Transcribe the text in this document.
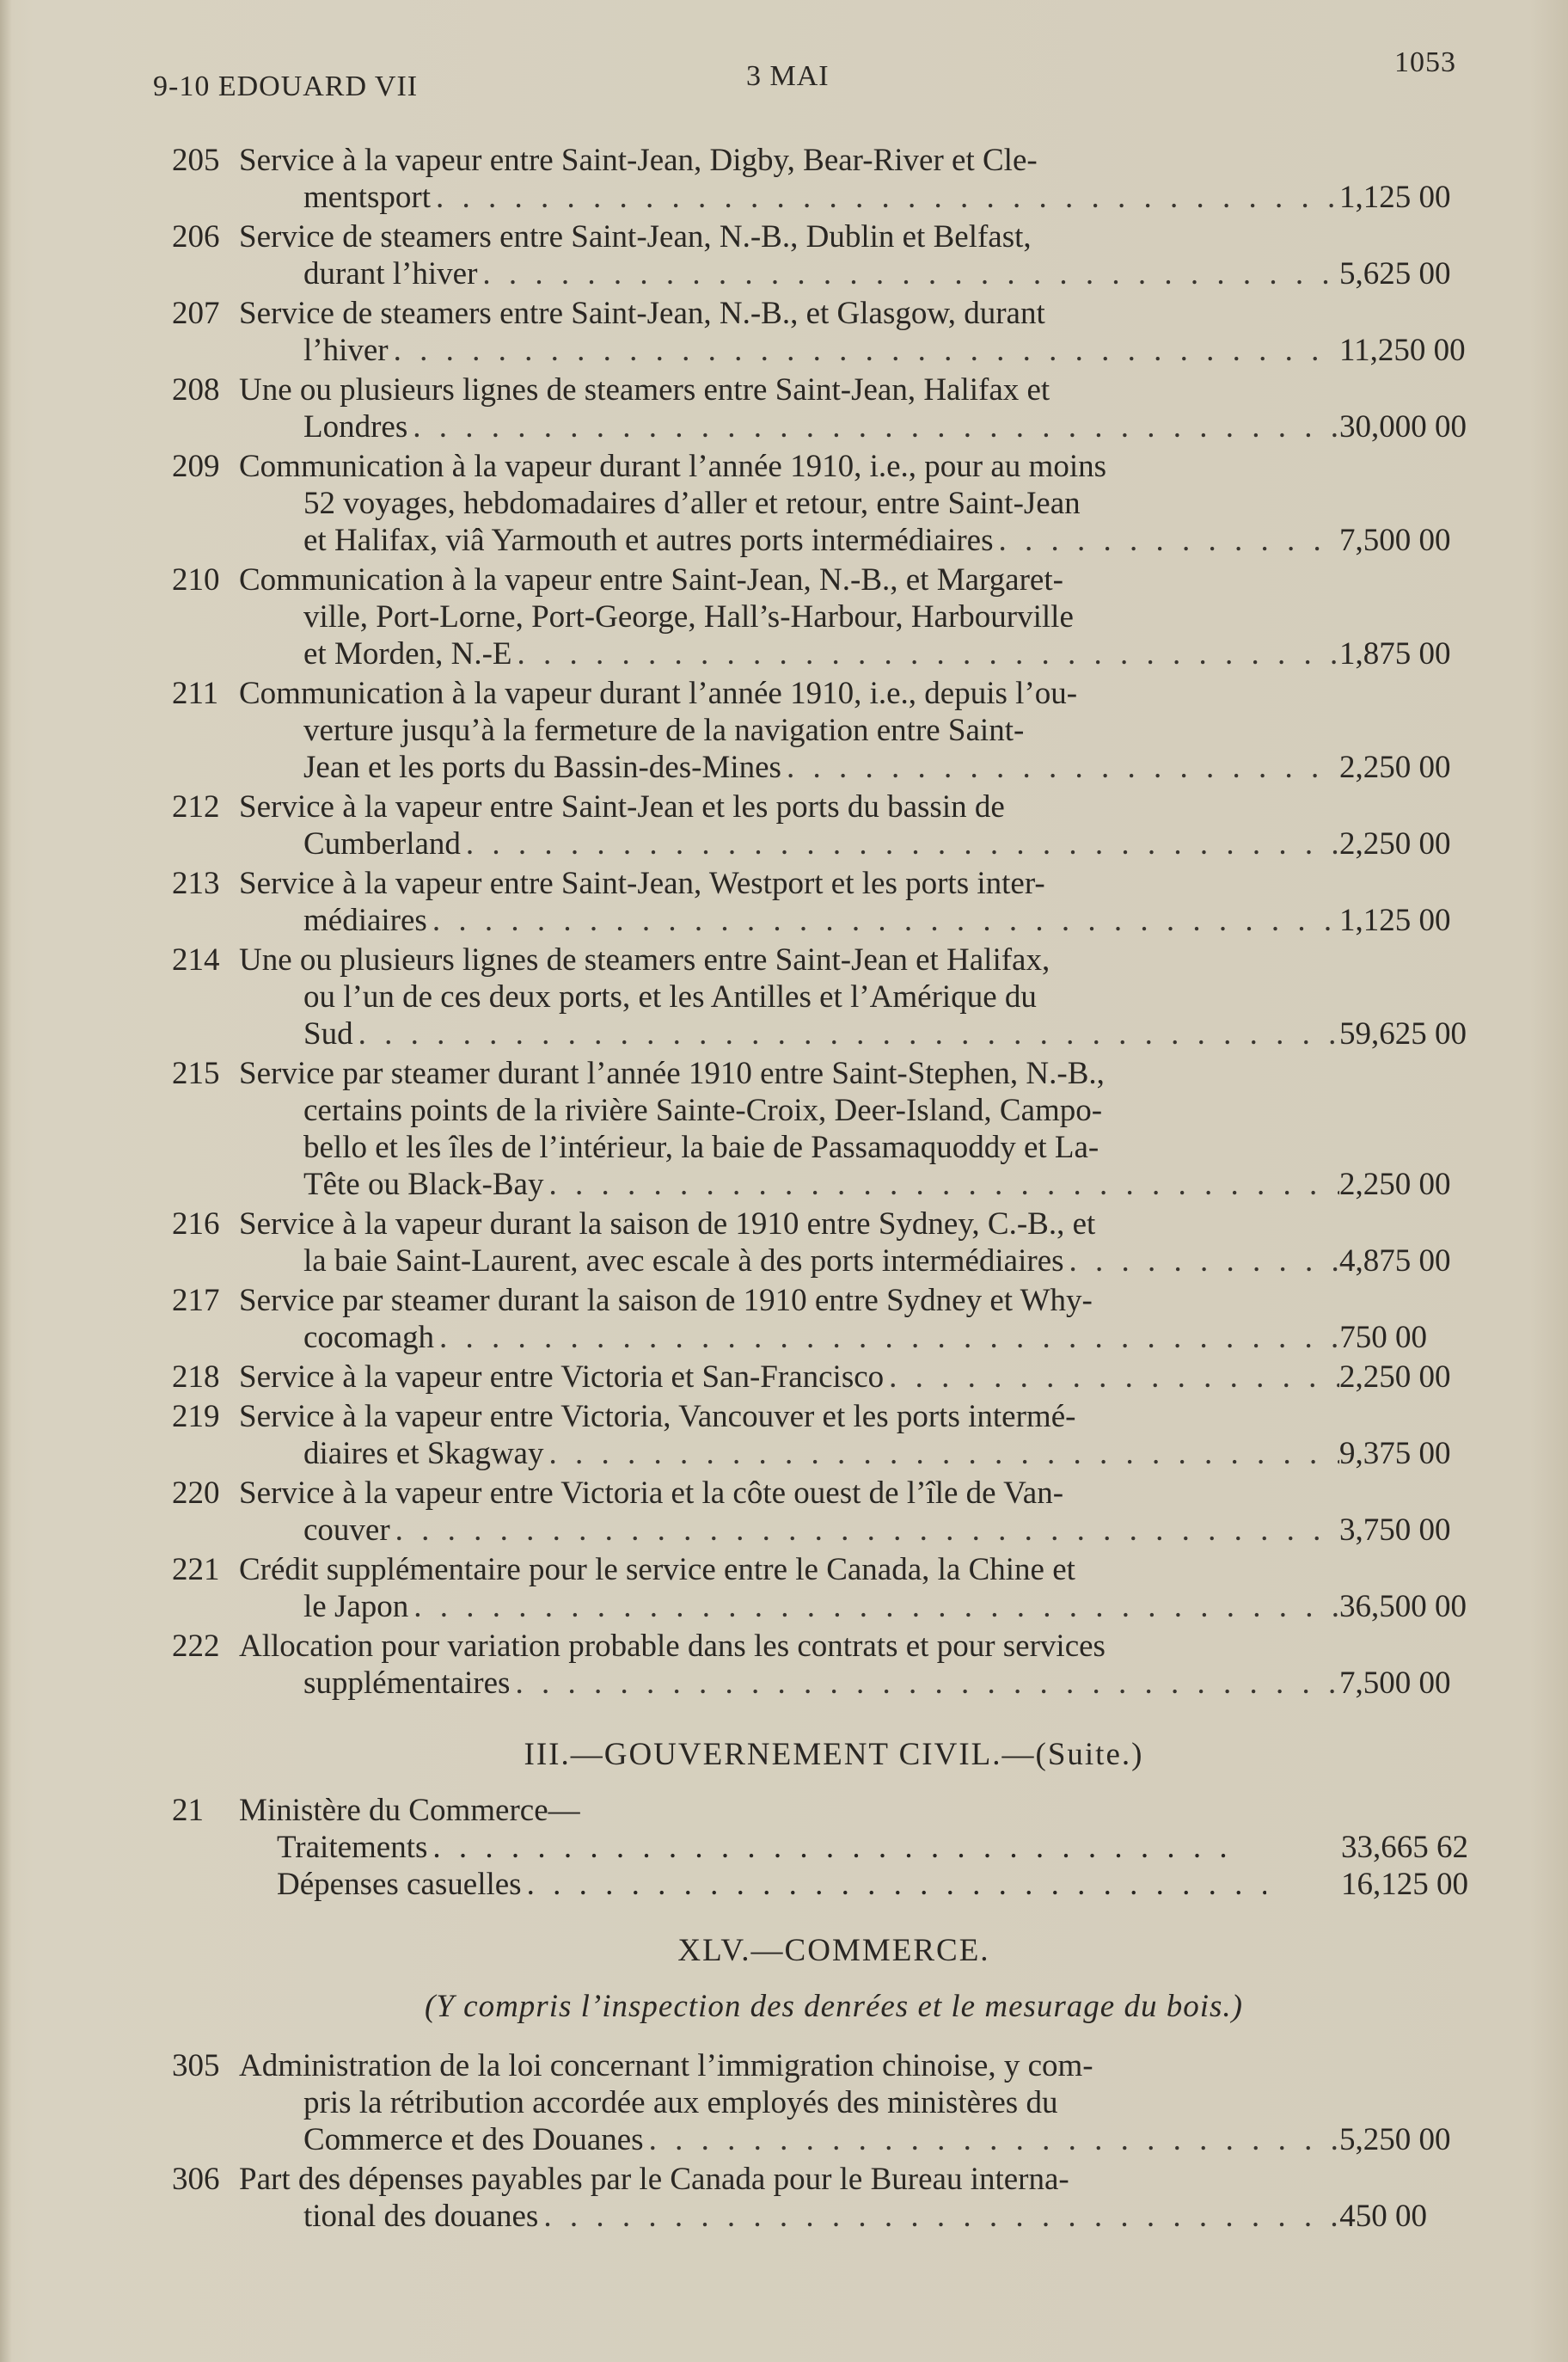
9-10 EDOUARD VII	3 MAI	1053
205 Service à la vapeur entre Saint-Jean, Digby, Bear-River et Cle-
mentsport . . .	1,125 00
206 Service de steamers entre Saint-Jean, N.-B., Dublin et Belfast,
durant l’hiver . . .	5,625 00
207 Service de steamers entre Saint-Jean, N.-B., et Glasgow, durant
l’hiver . . .	11,250 00
208 Une ou plusieurs lignes de steamers entre Saint-Jean, Halifax et
Londres . . .	30,000 00
209 Communication à la vapeur durant l’année 1910, i.e., pour au moins
52 voyages, hebdomadaires d’aller et retour, entre Saint-Jean
et Halifax, viâ Yarmouth et autres ports intermédiaires . . .	7,500 00
210 Communication à la vapeur entre Saint-Jean, N.-B., et Margaret-
ville, Port-Lorne, Port-George, Hall’s-Harbour, Harbourville
et Morden, N.-E . . .	1,875 00
211 Communication à la vapeur durant l’année 1910, i.e., depuis l’ou-
verture jusqu’à la fermeture de la navigation entre Saint-
Jean et les ports du Bassin-des-Mines . . .	2,250 00
212 Service à la vapeur entre Saint-Jean et les ports du bassin de
Cumberland . . .	2,250 00
213 Service à la vapeur entre Saint-Jean, Westport et les ports inter-
médiaires . . .	1,125 00
214 Une ou plusieurs lignes de steamers entre Saint-Jean et Halifax,
ou l’un de ces deux ports, et les Antilles et l’Amérique du
Sud . . .	59,625 00
215 Service par steamer durant l’année 1910 entre Saint-Stephen, N.-B.,
certains points de la rivière Sainte-Croix, Deer-Island, Campo-
bello et les îles de l’intérieur, la baie de Passamaquoddy et La-
Tête ou Black-Bay . . .	2,250 00
216 Service à la vapeur durant la saison de 1910 entre Sydney, C.-B., et
la baie Saint-Laurent, avec escale à des ports intermédiaires . . .	4,875 00
217 Service par steamer durant la saison de 1910 entre Sydney et Why-
cocomagh . . .	750 00
218 Service à la vapeur entre Victoria et San-Francisco . . .	2,250 00
219 Service à la vapeur entre Victoria, Vancouver et les ports intermé-
diaires et Skagway . . .	9,375 00
220 Service à la vapeur entre Victoria et la côte ouest de l’île de Van-
couver . . .	3,750 00
221 Crédit supplémentaire pour le service entre le Canada, la Chine et
le Japon . . .	36,500 00
222 Allocation pour variation probable dans les contrats et pour services
supplémentaires . . .	7,500 00
III.—GOUVERNEMENT CIVIL.—(Suite.)
21	Ministère du Commerce—
Traitements . . .	33,665 62
Dépenses casuelles . . .	16,125 00
XLV.—COMMERCE.
(Y compris l’inspection des denrées et le mesurage du bois.)
305 Administration de la loi concernant l’immigration chinoise, y com-
pris la rétribution accordée aux employés des ministères du
Commerce et des Douanes . . .	5,250 00
306 Part des dépenses payables par le Canada pour le Bureau interna-
tional des douanes . . .	450 00
